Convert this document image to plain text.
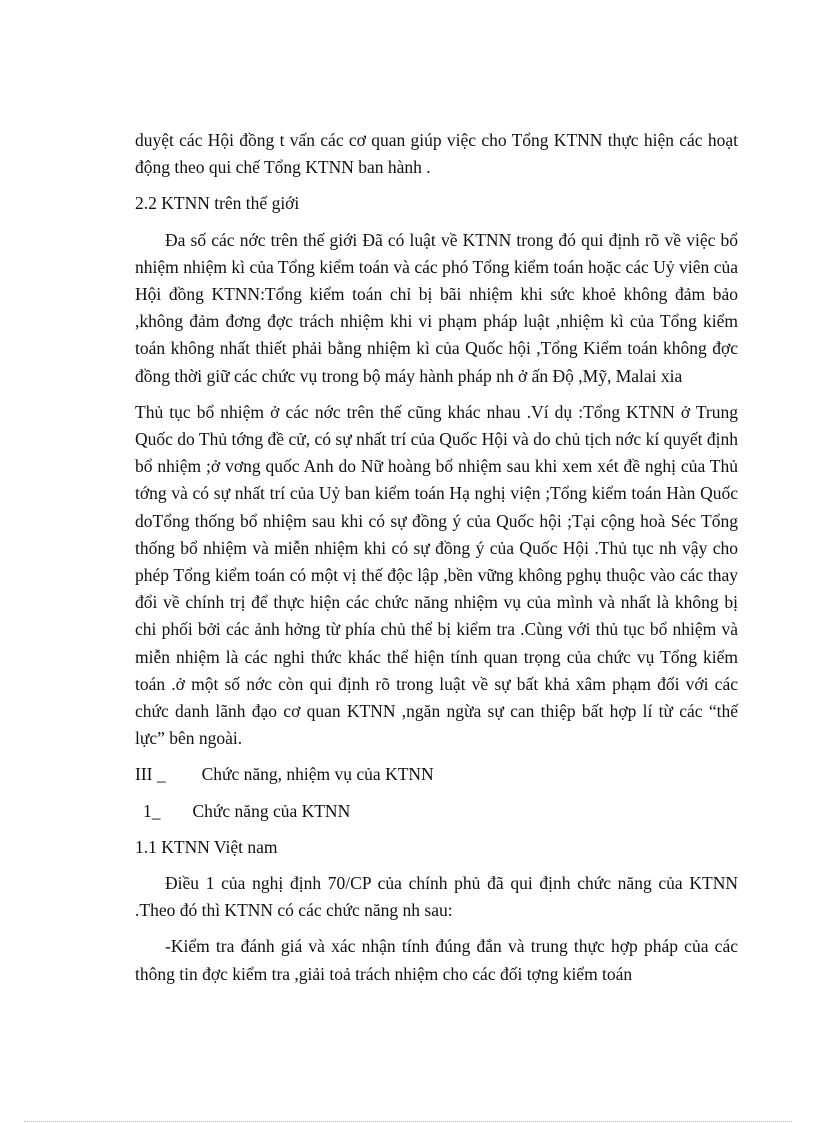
duyệt các Hội đồng t vấn các cơ quan giúp việc cho Tổng KTNN thực hiện các hoạt động theo qui chế Tổng KTNN ban hành .

2.2 KTNN trên thế giới

Đa số các nớc trên thế giới Đã có luật về KTNN trong đó qui định rõ về việc bổ nhiệm nhiệm kì của Tổng kiểm toán và các phó Tổng kiểm toán hoặc các Uỷ viên của Hội đồng KTNN:Tổng kiểm toán chỉ bị bãi nhiệm khi sức khoẻ không đảm bảo ,không đảm đơng đợc trách nhiệm khi vi phạm pháp luật ,nhiệm kì của Tổng kiểm toán không nhất thiết phải bằng nhiệm kì của Quốc hội ,Tổng Kiểm toán không đợc đồng thời giữ các chức vụ trong bộ máy hành pháp nh ở ấn Độ ,Mỹ, Malai xia

Thủ tục bổ nhiệm ở các nớc trên thế cũng khác nhau .Ví dụ :Tổng KTNN ở Trung Quốc do Thủ tớng đề cử, có sự nhất trí của Quốc Hội và do chủ tịch nớc kí quyết định bổ nhiệm ;ở vơng quốc Anh do Nữ hoàng bổ nhiệm sau khi xem xét đề nghị của Thủ tớng và có sự nhất trí của Uỷ ban kiểm toán Hạ nghị viện ;Tổng kiểm toán Hàn Quốc doTổng thống bổ nhiệm sau khi có sự đồng ý của Quốc hội ;Tại cộng hoà Séc Tổng thống bổ nhiệm và miễn nhiệm khi có sự đồng ý của Quốc Hội .Thủ tục nh vậy cho phép Tổng kiểm toán có một vị thế độc lập ,bền vững không pghụ thuộc vào các thay đổi về chính trị để thực hiện các chức năng nhiệm vụ của mình và nhất là không bị chi phối bởi các ảnh hởng từ phía chủ thể bị kiểm tra .Cùng với thủ tục bổ nhiệm và miễn nhiệm là các nghi thức khác thể hiện tính quan trọng của chức vụ Tổng kiểm toán .ở một số nớc còn qui định rõ trong luật về sự bất khả xâm phạm đối với các chức danh lãnh đạo cơ quan KTNN ,ngăn ngừa sự can thiệp bất hợp lí từ các “thế lực” bên ngoài.

III _ Chức năng, nhiệm vụ của KTNN

1_ Chức năng của KTNN

1.1 KTNN Việt nam

Điều 1 của nghị định 70/CP của chính phủ đã qui định chức năng của KTNN .Theo đó thì KTNN có các chức năng nh sau:

-Kiểm tra đánh giá và xác nhận tính đúng đắn và trung thực hợp pháp của các thông tin đợc kiểm tra ,giải toả trách nhiệm cho các đối tợng kiểm toán
